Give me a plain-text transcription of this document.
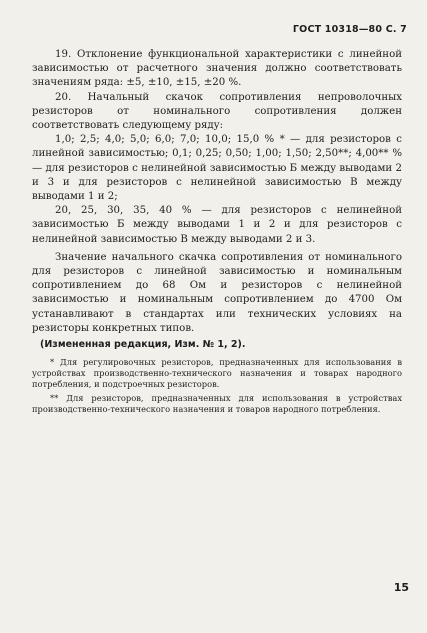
ГОСТ 10318—80 С. 7

19. Отклонение функциональной характеристики с линейной зависимостью от расчетного значения должно соответствовать значениям ряда: ±5, ±10, ±15, ±20 %.

20. Начальный скачок сопротивления непроволочных резисторов от номинального сопротивления должен соответствовать следующему ряду:

1,0; 2,5; 4,0; 5,0; 6,0; 7,0; 10,0; 15,0 % * — для резисторов с линейной зависимостью; 0,1; 0,25; 0,50; 1,00; 1,50; 2,50**; 4,00** % — для резисторов с нелинейной зависимостью Б между выводами 2 и 3 и для резисторов с нелинейной зависимостью В между выводами 1 и 2;

20, 25, 30, 35, 40 % — для резисторов с нелинейной зависимостью Б между выводами 1 и 2 и для резисторов с нелинейной зависимостью В между выводами 2 и 3.

Значение начального скачка сопротивления от номинального для резисторов с линейной зависимостью и номинальным сопротивлением до 68 Ом и резисторов с нелинейной зависимостью и номинальным сопротивлением до 4700 Ом устанавливают в стандартах или технических условиях на резисторы конкретных типов.

(Измененная редакция, Изм. № 1, 2).

* Для регулировочных резисторов, предназначенных для использования в устройствах производственно-технического назначения и товарах народного потребления, и подстроечных резисторов.

** Для резисторов, предназначенных для использования в устройствах производственно-технического назначения и товаров народного потребления.

15
